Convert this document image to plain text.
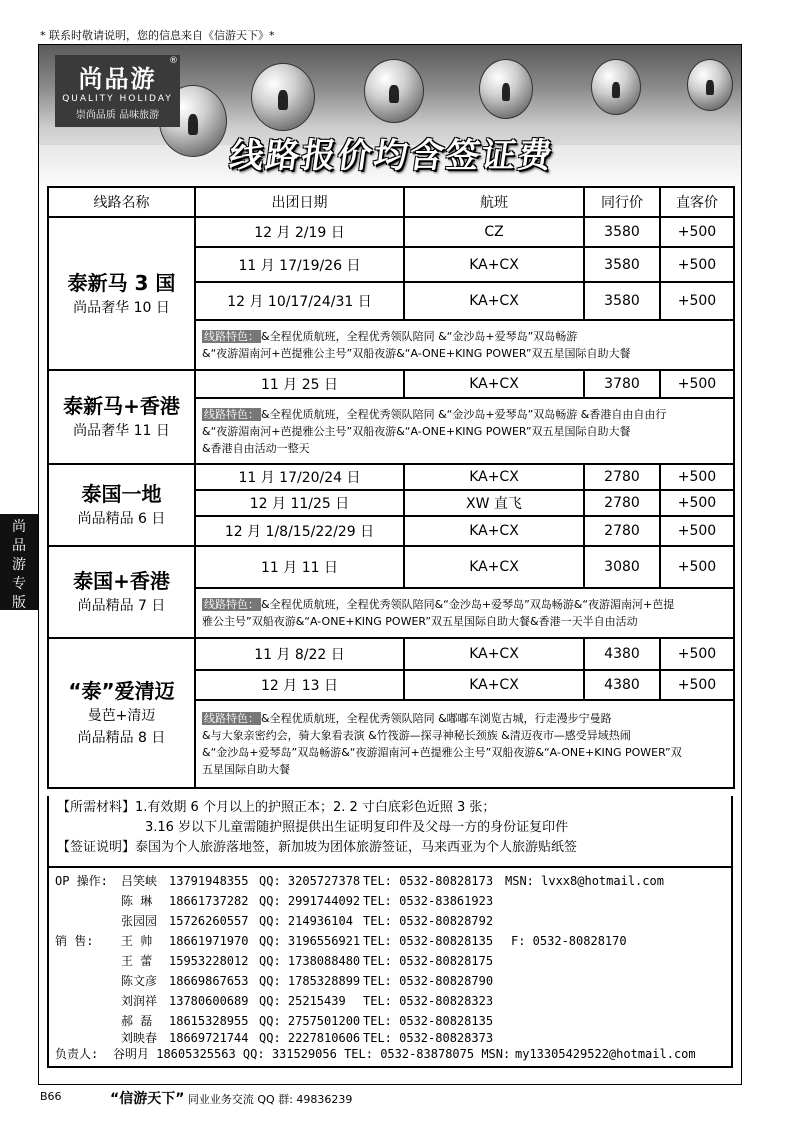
* 联系时敬请说明，您的信息来自《信游天下》*
®
尚品游
QUALITY HOLIDAY
崇尚品质 品味旅游
线路报价均含签证费
尚品游专版
线路名称	出团日期	航班	同行价	直客价

泰新马 3 国
尚品奢华 10 日	12 月 2/19 日	CZ	3580	+500
	11 月 17/19/26 日	KA+CX	3580	+500
	12 月 10/17/24/31 日	KA+CX	3580	+500
	线路特色： &全程优质航班，全程优秀领队陪同 &“金沙岛+爱琴岛”双岛畅游
&“夜游湄南河+芭提雅公主号”双船夜游&“A-ONE+KING POWER”双五星国际自助大餐			

泰新马+香港
尚品奢华 11 日	11 月 25 日	KA+CX	3780	+500
	线路特色： &全程优质航班，全程优秀领队陪同 &“金沙岛+爱琴岛”双岛畅游 &香港自由自由行
&“夜游湄南河+芭提雅公主号”双船夜游&“A-ONE+KING POWER”双五星国际自助大餐
&香港自由活动一整天			

泰国一地
尚品精品 6 日	11 月 17/20/24 日	KA+CX	2780	+500
	12 月 11/25 日	XW 直飞	2780	+500
	12 月 1/8/15/22/29 日	KA+CX	2780	+500

泰国+香港
尚品精品 7 日	11 月 11 日	KA+CX	3080	+500
	线路特色： &全程优质航班，全程优秀领队陪同&“金沙岛+爱琴岛”双岛畅游&“夜游湄南河+芭提
雅公主号”双船夜游&“A-ONE+KING POWER”双五星国际自助大餐&香港一天半自由活动			

“泰”爱清迈
曼芭+清迈
尚品精品 8 日	11 月 8/22 日	KA+CX	4380	+500
	12 月 13 日	KA+CX	4380	+500
	线路特色： &全程优质航班，全程优秀领队陪同 &嘟嘟车浏览古城，行走漫步宁曼路
&与大象亲密约会，骑大象看表演 &竹筏游—探寻神秘长颈族 &清迈夜市—感受异域热闹
&“金沙岛+爱琴岛”双岛畅游&“夜游湄南河+芭提雅公主号”双船夜游&“A-ONE+KING POWER”双
五星国际自助大餐			
【所需材料】1.有效期 6 个月以上的护照正本；2. 2 寸白底彩色近照 3 张；
3.16 岁以下儿童需随护照提供出生证明复印件及父母一方的身份证复印件
【签证说明】泰国为个人旅游落地签，新加坡为团体旅游签证，马来西亚为个人旅游贴纸签
OP 操作: 吕笑峡 13791948355 QQ: 3205727378 TEL: 0532-80828173 MSN: lvxx8@hotmail.com
陈 琳 18661737282 QQ: 2991744092 TEL: 0532-83861923
张园园 15726260557 QQ: 214936104 TEL: 0532-80828792
销 售: 王 帅 18661971970 QQ: 3196556921 TEL: 0532-80828135 F: 0532-80828170
王 蕾 15953228012 QQ: 1738088480 TEL: 0532-80828175
陈文彦 18669867653 QQ: 1785328899 TEL: 0532-80828790
刘润祥 13780600689 QQ: 25215439 TEL: 0532-80828323
郝 磊 18615328955 QQ: 2757501200 TEL: 0532-80828135
刘映春 18669721744 QQ: 2227810606 TEL: 0532-80828373
负责人: 谷明月 18605325563 QQ: 331529056 TEL: 0532-83878075 MSN: my13305429522@hotmail.com
B66	“信游天下” 同业业务交流 QQ 群: 49836239
